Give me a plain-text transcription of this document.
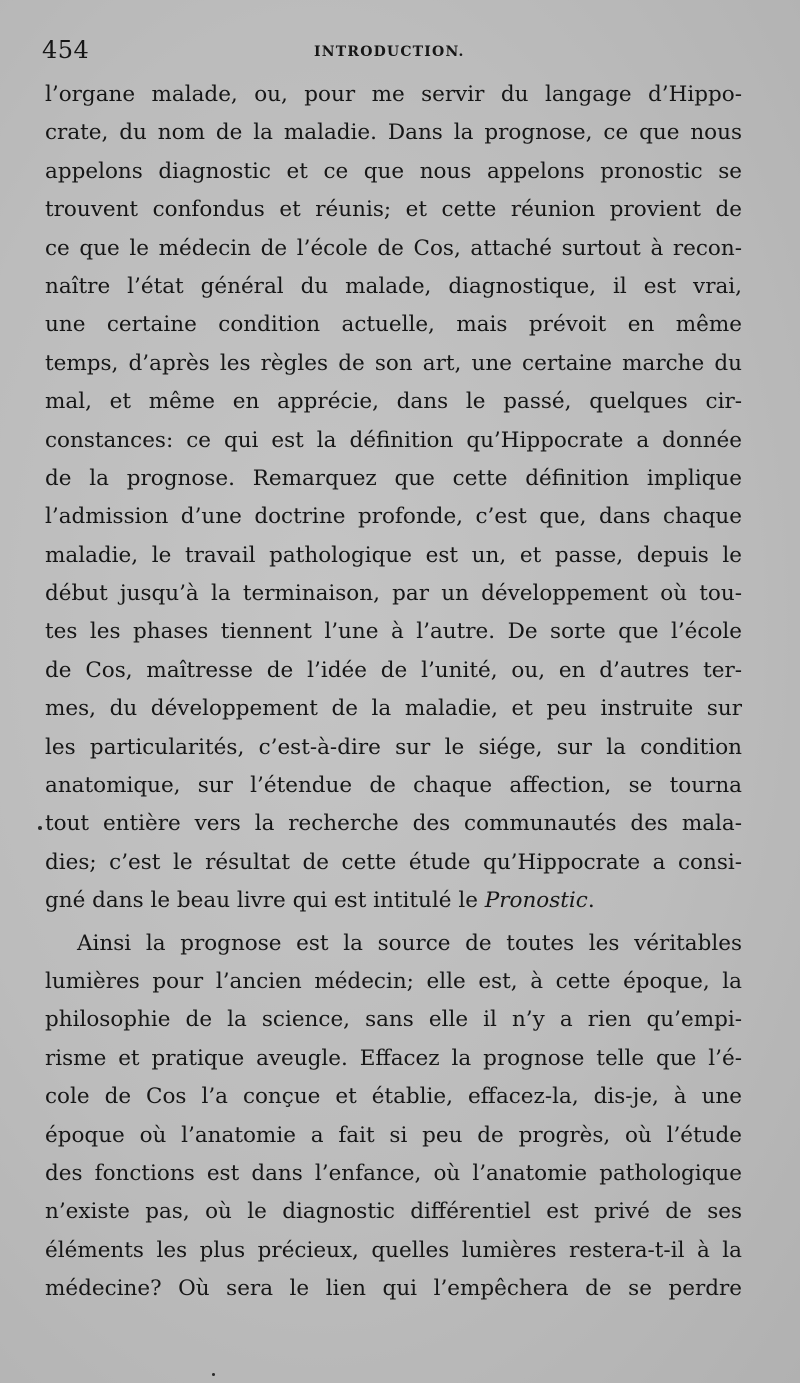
454	INTRODUCTION.
l’organe malade, ou, pour me servir du langage d’Hippo-
crate, du nom de la maladie. Dans la prognose, ce que nous
appelons diagnostic et ce que nous appelons pronostic se
trouvent confondus et réunis; et cette réunion provient de
ce que le médecin de l’école de Cos, attaché surtout à recon-
naître l’état général du malade, diagnostique, il est vrai,
une certaine condition actuelle, mais prévoit en même
temps, d’après les règles de son art, une certaine marche du
mal, et même en apprécie, dans le passé, quelques cir-
constances: ce qui est la définition qu’Hippocrate a donnée
de la prognose. Remarquez que cette définition implique
l’admission d’une doctrine profonde, c’est que, dans chaque
maladie, le travail pathologique est un, et passe, depuis le
début jusqu’à la terminaison, par un développement où tou-
tes les phases tiennent l’une à l’autre. De sorte que l’école
de Cos, maîtresse de l’idée de l’unité, ou, en d’autres ter-
mes, du développement de la maladie, et peu instruite sur
les particularités, c’est-à-dire sur le siége, sur la condition
anatomique, sur l’étendue de chaque affection, se tourna
tout entière vers la recherche des communautés des mala-
dies; c’est le résultat de cette étude qu’Hippocrate a consi-
gné dans le beau livre qui est intitulé le Pronostic.
Ainsi la prognose est la source de toutes les véritables
lumières pour l’ancien médecin; elle est, à cette époque, la
philosophie de la science, sans elle il n’y a rien qu’empi-
risme et pratique aveugle. Effacez la prognose telle que l’é-
cole de Cos l’a conçue et établie, effacez-la, dis-je, à une
époque où l’anatomie a fait si peu de progrès, où l’étude
des fonctions est dans l’enfance, où l’anatomie pathologique
n’existe pas, où le diagnostic différentiel est privé de ses
éléments les plus précieux, quelles lumières restera-t-il à la
médecine? Où sera le lien qui l’empêchera de se perdre
